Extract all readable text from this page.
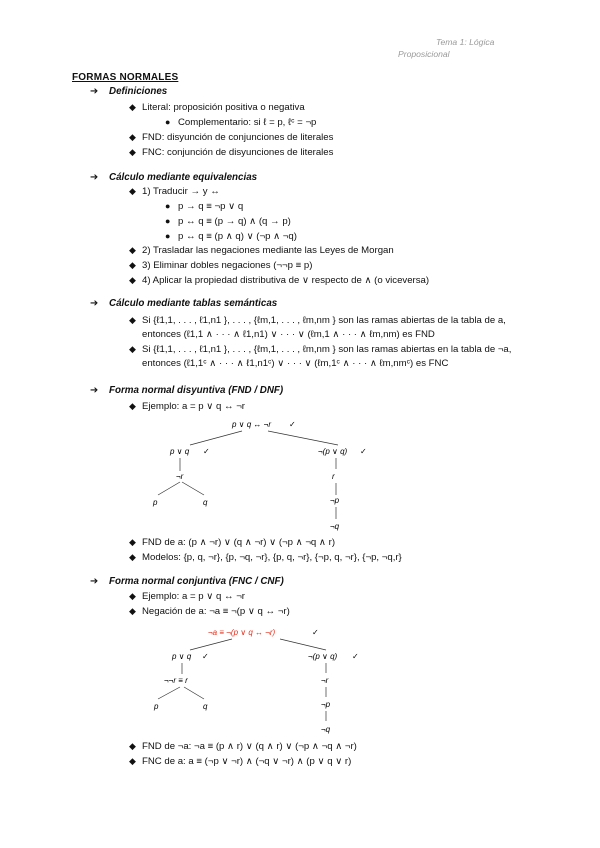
Tema 1: Lógica
Proposicional
FORMAS NORMALES
➔ Definiciones
◆ Literal: proposición positiva o negativa
● Complementario: si ℓ = p, ℓᶜ = ¬p
◆ FND: disyunción de conjunciones de literales
◆ FNC: conjunción de disyunciones de literales
➔ Cálculo mediante equivalencias
◆ 1) Traducir → y ↔
● p → q ≡ ¬p ∨ q
● p ↔ q ≡ (p → q) ∧ (q → p)
● p ↔ q ≡ (p ∧ q) ∨ (¬p ∧ ¬q)
◆ 2) Trasladar las negaciones mediante las Leyes de Morgan
◆ 3) Eliminar dobles negaciones (¬¬p ≡ p)
◆ 4) Aplicar la propiedad distributiva de ∨ respecto de ∧ (o viceversa)
➔ Cálculo mediante tablas semánticas
◆ Si {ℓ1,1, . . . , ℓ1,n1 }, . . . , {ℓm,1, . . . , ℓm,nm } son las ramas abiertas de la tabla de a, entonces (ℓ1,1 ∧ · · · ∧ ℓ1,n1) ∨ · · · ∨ (ℓm,1 ∧ · · · ∧ ℓm,nm) es FND
◆ Si {ℓ1,1, . . . , ℓ1,n1 }, . . . , {ℓm,1, . . . , ℓm,nm } son las ramas abiertas en la tabla de ¬a, entonces (ℓ1,1ᶜ ∧ · · · ∧ ℓ1,n1ᶜ) ∨ · · · ∨ (ℓm,1ᶜ ∧ · · · ∧ ℓm,nmᶜ) es FNC
➔ Forma normal disyuntiva (FND / DNF)
◆ Ejemplo: a = p ∨ q ↔ ¬r
p ∨ q ↔ ¬r ✓
p ∨ q ✓
¬r
p	q
¬(p ∨ q) ✓
r
¬p
¬q
◆ FND de a: (p ∧ ¬r) ∨ (q ∧ ¬r) ∨ (¬p ∧ ¬q ∧ r)
◆ Modelos: {p, q, ¬r}, {p, ¬q, ¬r}, {p, q, ¬r}, {¬p, q, ¬r}, {¬p, ¬q,r}
➔ Forma normal conjuntiva (FNC / CNF)
◆ Ejemplo: a = p ∨ q ↔ ¬r
◆ Negación de a: ¬a ≡ ¬(p ∨ q ↔ ¬r)
¬a ≡ ¬(p ∨ q ↔ ¬r)	✓
p ∨ q ✓
¬¬r ≡ r
p	q
¬(p ∨ q) ✓
¬r
¬p
¬q
◆ FND de ¬a: ¬a ≡ (p ∧ r) ∨ (q ∧ r) ∨ (¬p ∧ ¬q ∧ ¬r)
◆ FNC de a: a ≡ (¬p ∨ ¬r) ∧ (¬q ∨ ¬r) ∧ (p ∨ q ∨ r)
